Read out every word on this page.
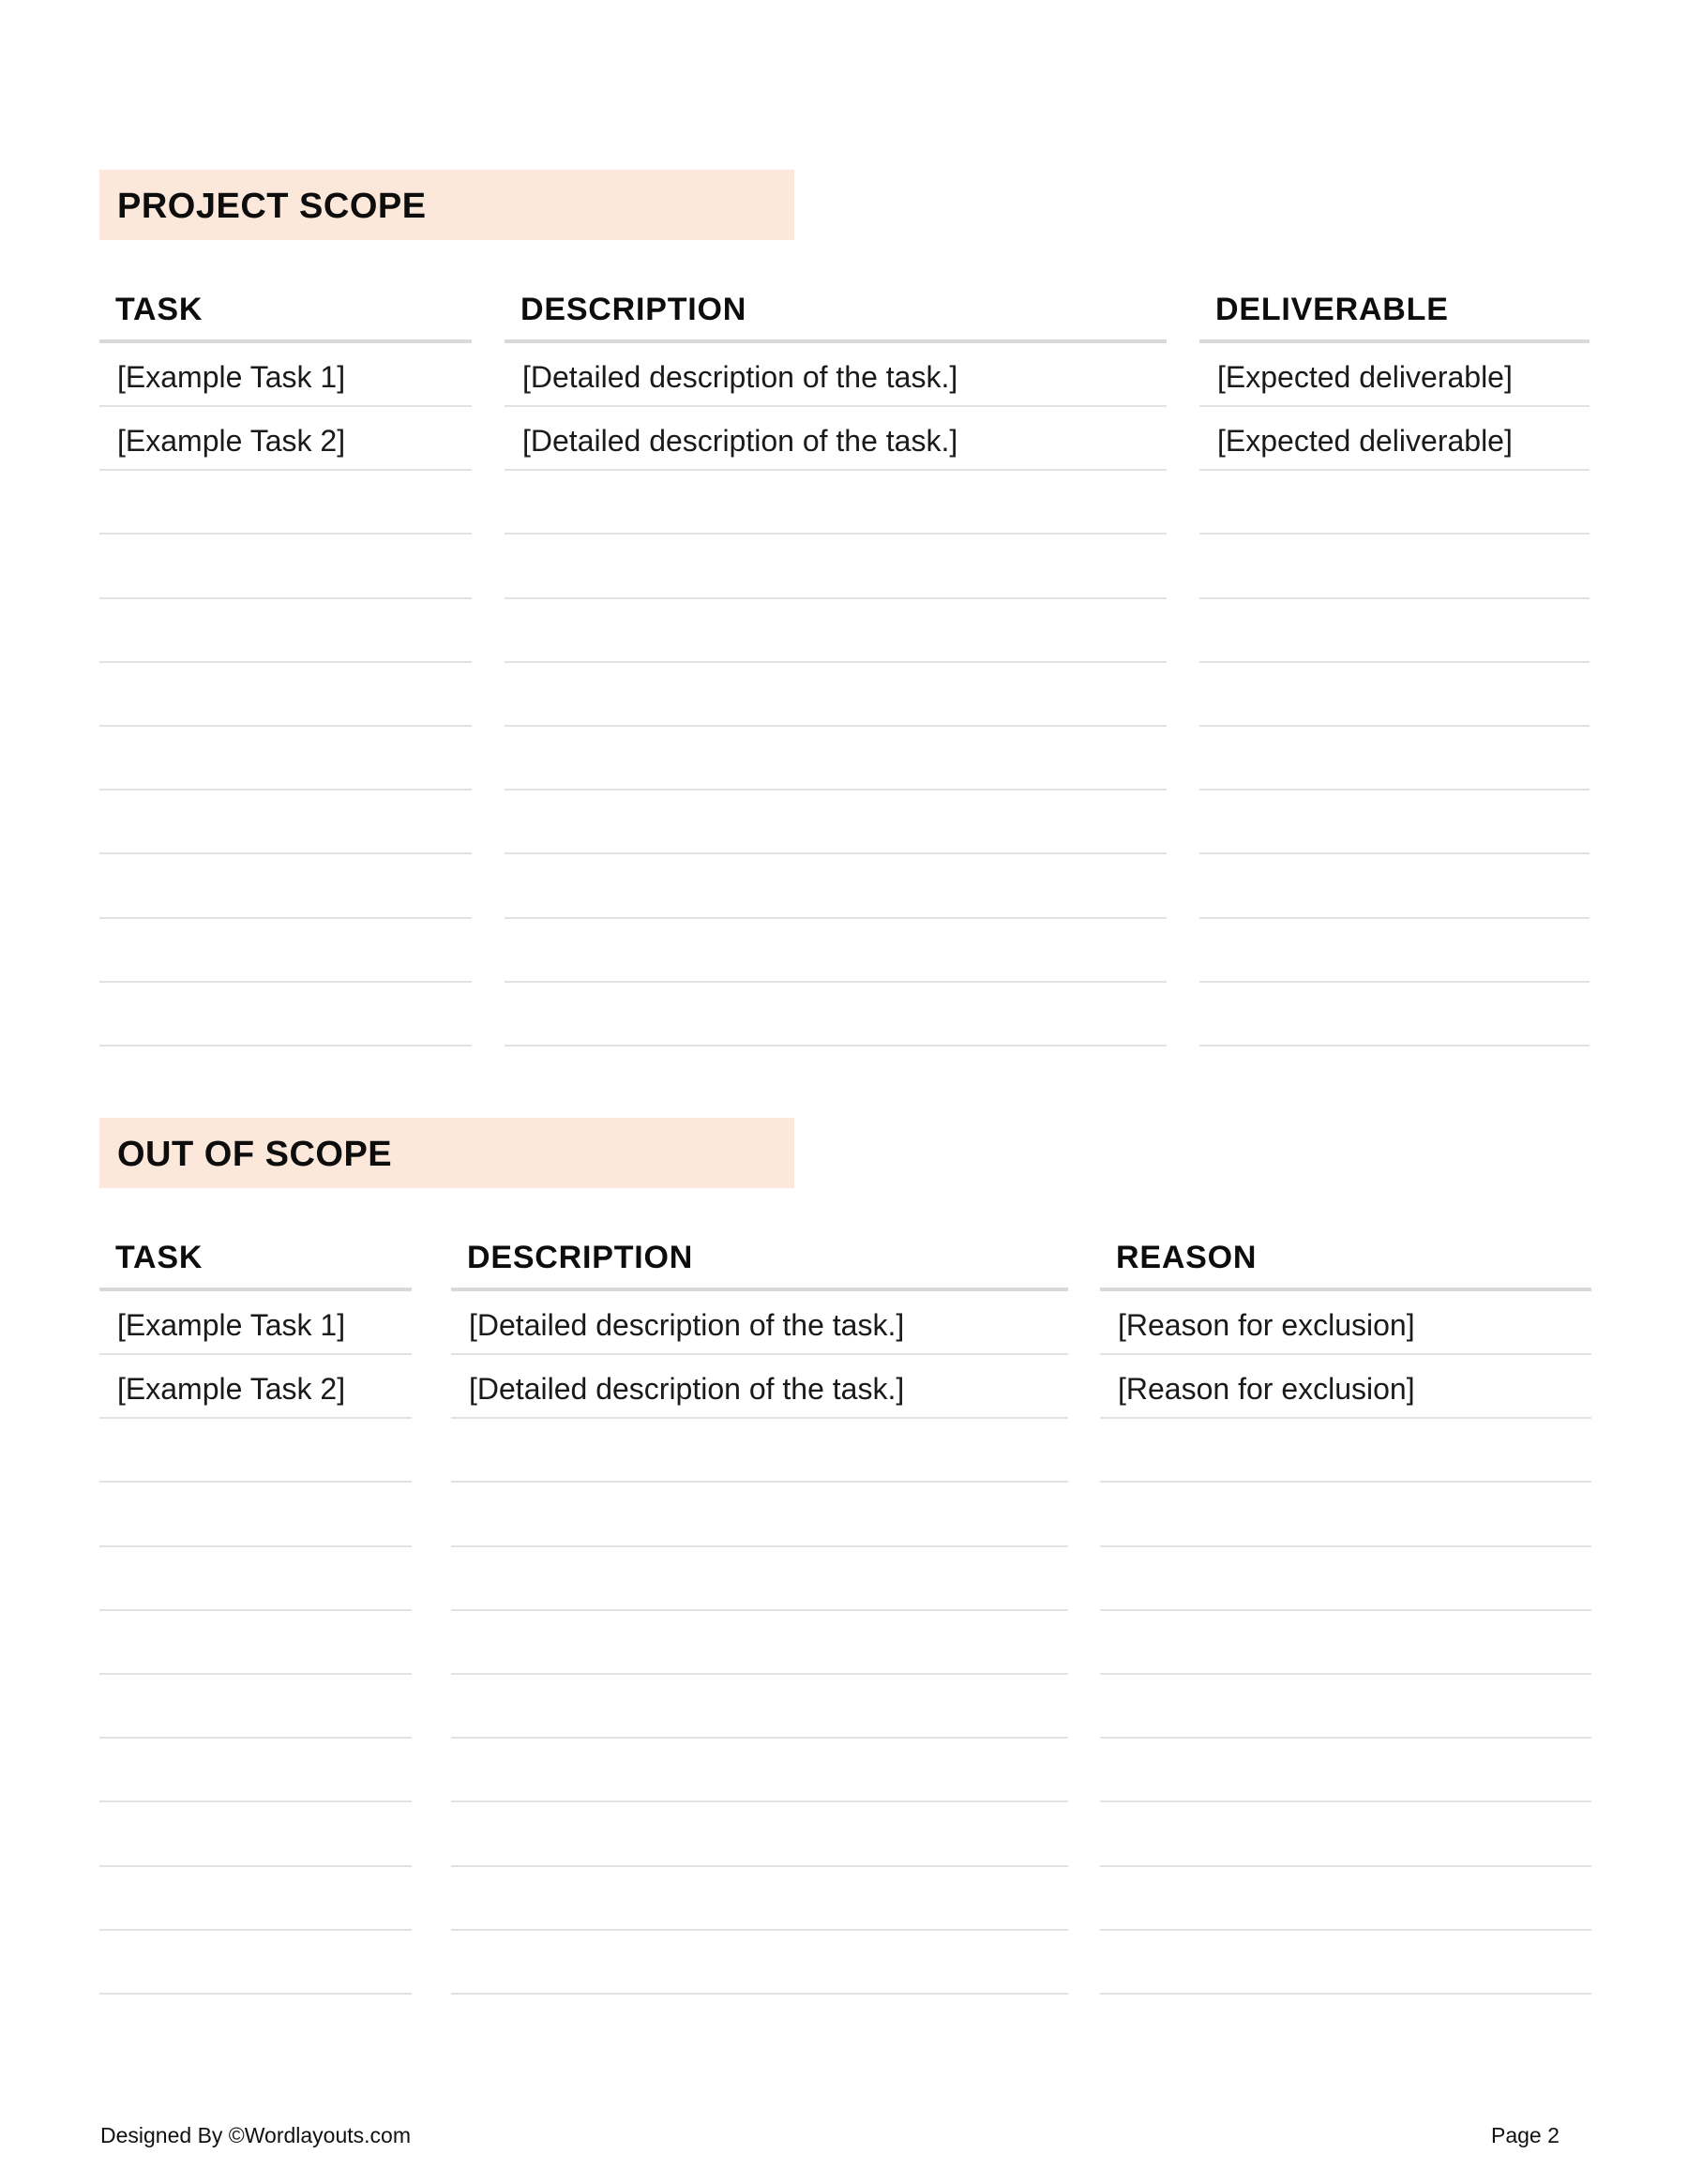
PROJECT SCOPE
TASK
[Example Task 1]
[Example Task 2]
DESCRIPTION
[Detailed description of the task.]
[Detailed description of the task.]
DELIVERABLE
[Expected deliverable]
[Expected deliverable]
OUT OF SCOPE
TASK
[Example Task 1]
[Example Task 2]
DESCRIPTION
[Detailed description of the task.]
[Detailed description of the task.]
REASON
[Reason for exclusion]
[Reason for exclusion]
Designed By ©Wordlayouts.com	Page 2
